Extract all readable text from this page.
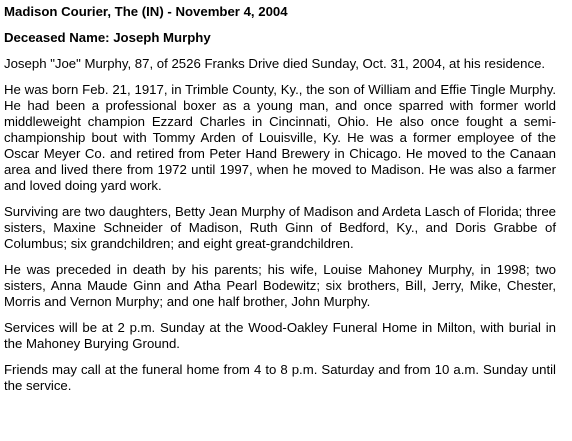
Madison Courier, The (IN) - November 4, 2004
Deceased Name: Joseph Murphy
Joseph "Joe" Murphy, 87, of 2526 Franks Drive died Sunday, Oct. 31, 2004, at his residence.
He was born Feb. 21, 1917, in Trimble County, Ky., the son of William and Effie Tingle Murphy. He had been a professional boxer as a young man, and once sparred with former world middleweight champion Ezzard Charles in Cincinnati, Ohio. He also once fought a semi-championship bout with Tommy Arden of Louisville, Ky. He was a former employee of the Oscar Meyer Co. and retired from Peter Hand Brewery in Chicago. He moved to the Canaan area and lived there from 1972 until 1997, when he moved to Madison. He was also a farmer and loved doing yard work.
Surviving are two daughters, Betty Jean Murphy of Madison and Ardeta Lasch of Florida; three sisters, Maxine Schneider of Madison, Ruth Ginn of Bedford, Ky., and Doris Grabbe of Columbus; six grandchildren; and eight great-grandchildren.
He was preceded in death by his parents; his wife, Louise Mahoney Murphy, in 1998; two sisters, Anna Maude Ginn and Atha Pearl Bodewitz; six brothers, Bill, Jerry, Mike, Chester, Morris and Vernon Murphy; and one half brother, John Murphy.
Services will be at 2 p.m. Sunday at the Wood-Oakley Funeral Home in Milton, with burial in the Mahoney Burying Ground.
Friends may call at the funeral home from 4 to 8 p.m. Saturday and from 10 a.m. Sunday until the service.
